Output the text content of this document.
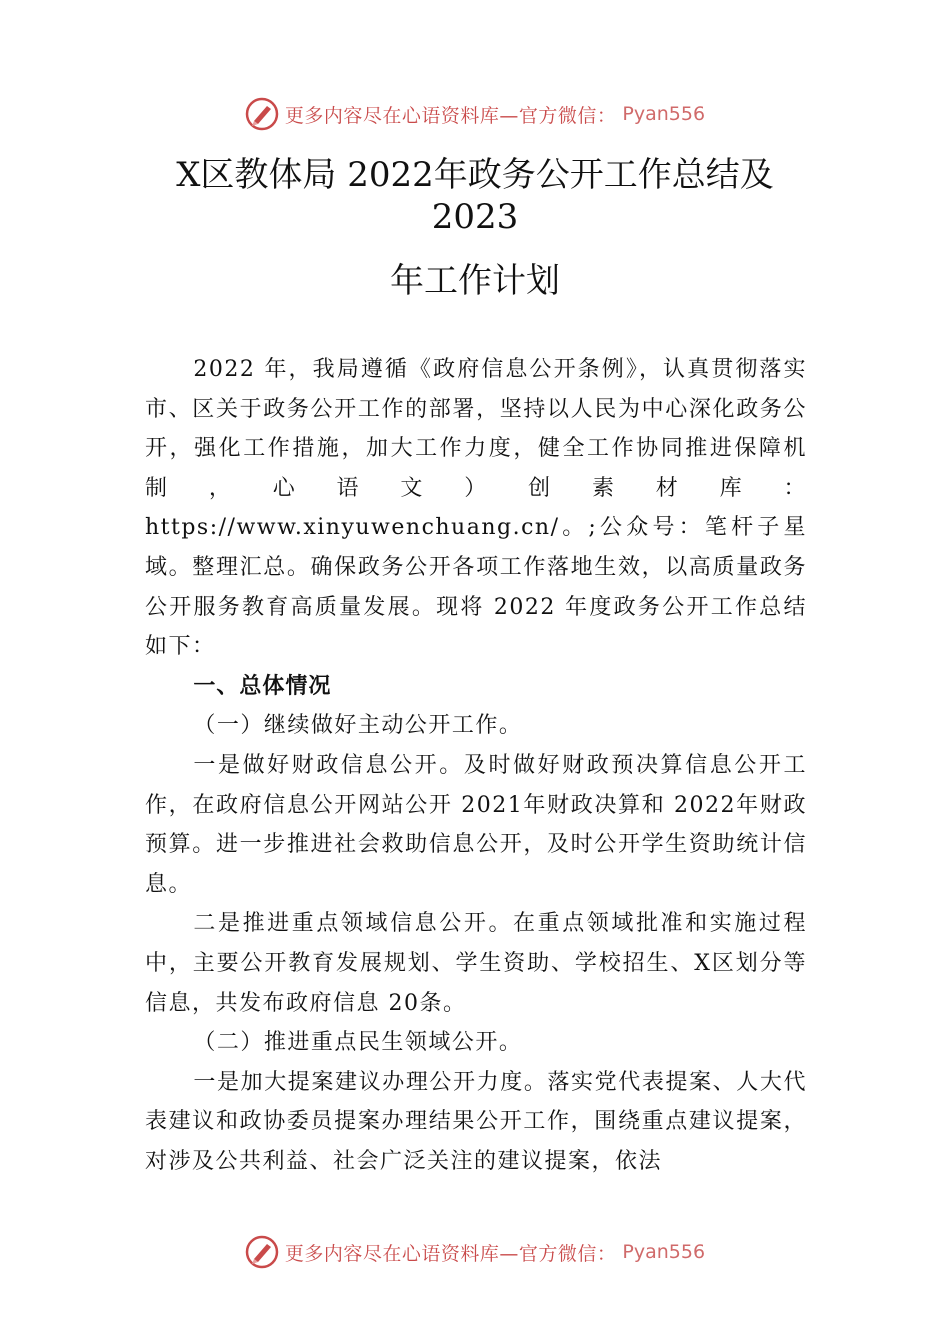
更多内容尽在心语资料库—官方微信： Pyan556
X区教体局 2022年政务公开工作总结及
2023
年工作计划

2022 年，我局遵循《政府信息公开条例》，认真贯彻落实市、区关于政务公开工作的部署，坚持以人民为中心深化政务公开，强化工作措施，加大工作力度，健全工作协同推进保障机制，心语文）创素材库：https://www.xinyuwenchuang.cn/。;公众号：笔杆子星域。整理汇总。确保政务公开各项工作落地生效，以高质量政务公开服务教育高质量发展。现将 2022 年度政务公开工作总结如下：

一、总体情况
（一）继续做好主动公开工作。

一是做好财政信息公开。及时做好财政预决算信息公开工作，在政府信息公开网站公开 2021年财政决算和 2022年财政预算。进一步推进社会救助信息公开，及时公开学生资助统计信息。

二是推进重点领域信息公开。在重点领域批准和实施过程中，主要公开教育发展规划、学生资助、学校招生、X区划分等信息，共发布政府信息 20条。

（二）推进重点民生领域公开。

一是加大提案建议办理公开力度。落实党代表提案、人大代表建议和政协委员提案办理结果公开工作，围绕重点建议提案，对涉及公共利益、社会广泛关注的建议提案，依法

更多内容尽在心语资料库—官方微信： Pyan556
